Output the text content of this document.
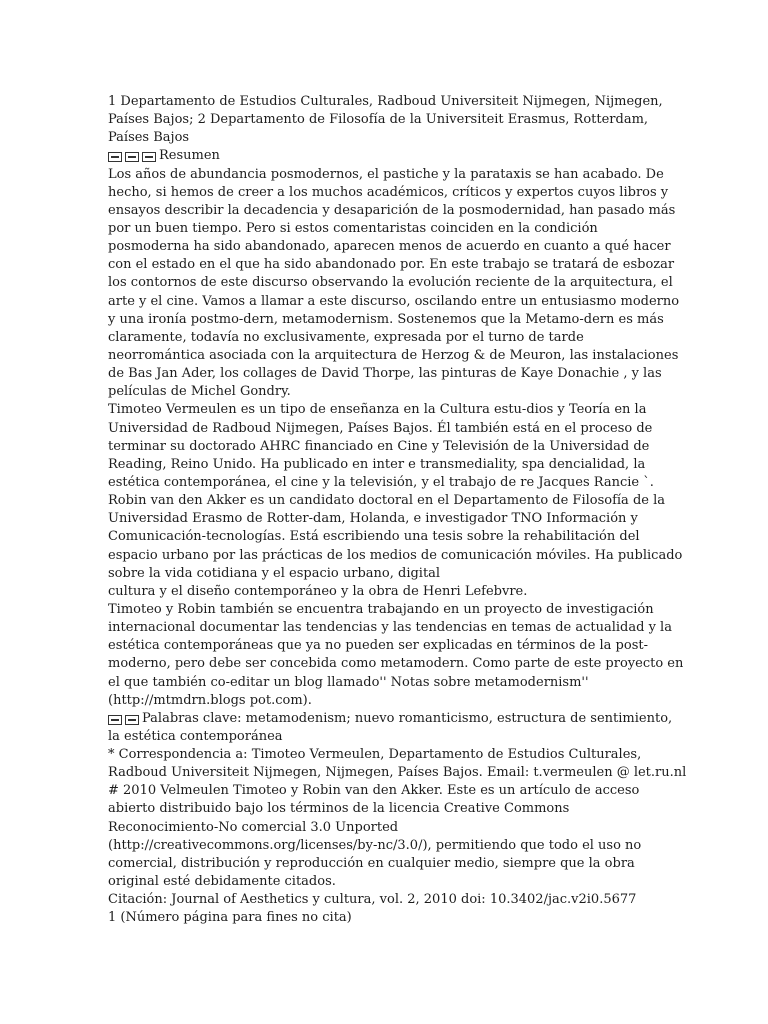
1 Departamento de Estudios Culturales, Radboud Universiteit Nijmegen, Nijmegen,
Países Bajos; 2 Departamento de Filosofía de la Universiteit Erasmus, Rotterdam,
Países Bajos
Resumen
Los años de abundancia posmodernos, el pastiche y la parataxis se han acabado. De
hecho, si hemos de creer a los muchos académicos, críticos y expertos cuyos libros y
ensayos describir la decadencia y desaparición de la posmodernidad, han pasado más
por un buen tiempo. Pero si estos comentaristas coinciden en la condición
posmoderna ha sido abandonado, aparecen menos de acuerdo en cuanto a qué hacer
con el estado en el que ha sido abandonado por. En este trabajo se tratará de esbozar
los contornos de este discurso observando la evolución reciente de la arquitectura, el
arte y el cine. Vamos a llamar a este discurso, oscilando entre un entusiasmo moderno
y una ironía postmo-dern, metamodernism. Sostenemos que la Metamo-dern es más
claramente, todavía no exclusivamente, expresada por el turno de tarde
neorromántica asociada con la arquitectura de Herzog & de Meuron, las instalaciones
de Bas Jan Ader, los collages de David Thorpe, las pinturas de Kaye Donachie , y las
películas de Michel Gondry.
Timoteo Vermeulen es un tipo de enseñanza en la Cultura estu-dios y Teoría en la
Universidad de Radboud Nijmegen, Países Bajos. Él también está en el proceso de
terminar su doctorado AHRC financiado en Cine y Televisión de la Universidad de
Reading, Reino Unido. Ha publicado en inter e transmediality, spa dencialidad, la
estética contemporánea, el cine y la televisión, y el trabajo de re Jacques Rancie `.
Robin van den Akker es un candidato doctoral en el Departamento de Filosofía de la
Universidad Erasmo de Rotter-dam, Holanda, e investigador TNO Información y
Comunicación-tecnologías. Está escribiendo una tesis sobre la rehabilitación del
espacio urbano por las prácticas de los medios de comunicación móviles. Ha publicado
sobre la vida cotidiana y el espacio urbano, digital
cultura y el diseño contemporáneo y la obra de Henri Lefebvre.
Timoteo y Robin también se encuentra trabajando en un proyecto de investigación
internacional documentar las tendencias y las tendencias en temas de actualidad y la
estética contemporáneas que ya no pueden ser explicadas en términos de la post-
moderno, pero debe ser concebida como metamodern. Como parte de este proyecto en
el que también co-editar un blog llamado'' Notas sobre metamodernism''
(http://mtmdrn.blogs pot.com).
Palabras clave: metamodenism; nuevo romanticismo, estructura de sentimiento,
la estética contemporánea
* Correspondencia a: Timoteo Vermeulen, Departamento de Estudios Culturales,
Radboud Universiteit Nijmegen, Nijmegen, Países Bajos. Email: t.vermeulen @ let.ru.nl
# 2010 Velmeulen Timoteo y Robin van den Akker. Este es un artículo de acceso
abierto distribuido bajo los términos de la licencia Creative Commons
Reconocimiento-No comercial 3.0 Unported
(http://creativecommons.org/licenses/by-nc/3.0/), permitiendo que todo el uso no
comercial, distribución y reproducción en cualquier medio, siempre que la obra
original esté debidamente citados.
Citación: Journal of Aesthetics y cultura, vol. 2, 2010 doi: 10.3402/jac.v2i0.5677
1 (Número página para fines no cita)
